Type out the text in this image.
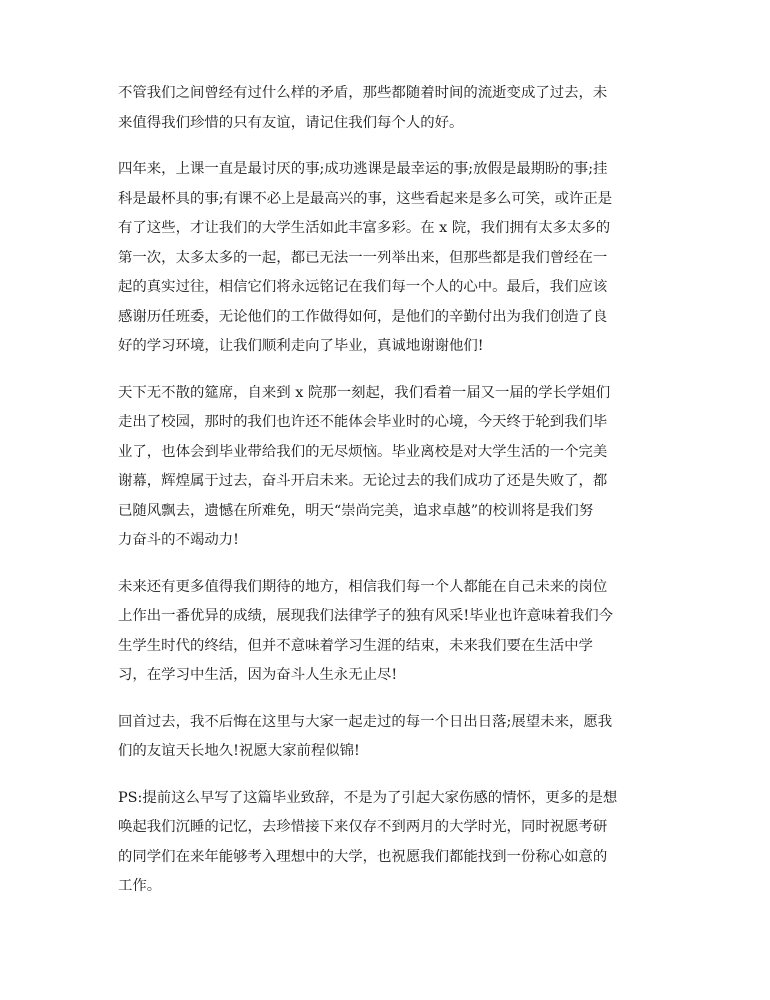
不管我们之间曾经有过什么样的矛盾，那些都随着时间的流逝变成了过去，未
来值得我们珍惜的只有友谊，请记住我们每个人的好。

四年来，上课一直是最讨厌的事;成功逃课是最幸运的事;放假是最期盼的事;挂
科是最杯具的事;有课不必上是最高兴的事，这些看起来是多么可笑，或许正是
有了这些，才让我们的大学生活如此丰富多彩。在 x 院，我们拥有太多太多的
第一次，太多太多的一起，都已无法一一列举出来，但那些都是我们曾经在一
起的真实过往，相信它们将永远铭记在我们每一个人的心中。最后，我们应该
感谢历任班委，无论他们的工作做得如何，是他们的辛勤付出为我们创造了良
好的学习环境，让我们顺利走向了毕业，真诚地谢谢他们!

天下无不散的筵席，自来到 x 院那一刻起，我们看着一届又一届的学长学姐们
走出了校园，那时的我们也许还不能体会毕业时的心境，今天终于轮到我们毕
业了，也体会到毕业带给我们的无尽烦恼。毕业离校是对大学生活的一个完美
谢幕，辉煌属于过去，奋斗开启未来。无论过去的我们成功了还是失败了，都
已随风飘去，遗憾在所难免，明天“崇尚完美，追求卓越”的校训将是我们努
力奋斗的不竭动力!

未来还有更多值得我们期待的地方，相信我们每一个人都能在自己未来的岗位
上作出一番优异的成绩，展现我们法律学子的独有风采!毕业也许意味着我们今
生学生时代的终结，但并不意味着学习生涯的结束，未来我们要在生活中学
习，在学习中生活，因为奋斗人生永无止尽!

回首过去，我不后悔在这里与大家一起走过的每一个日出日落;展望未来，愿我
们的友谊天长地久!祝愿大家前程似锦!

PS:提前这么早写了这篇毕业致辞，不是为了引起大家伤感的情怀，更多的是想
唤起我们沉睡的记忆，去珍惜接下来仅存不到两月的大学时光，同时祝愿考研
的同学们在来年能够考入理想中的大学，也祝愿我们都能找到一份称心如意的
工作。
